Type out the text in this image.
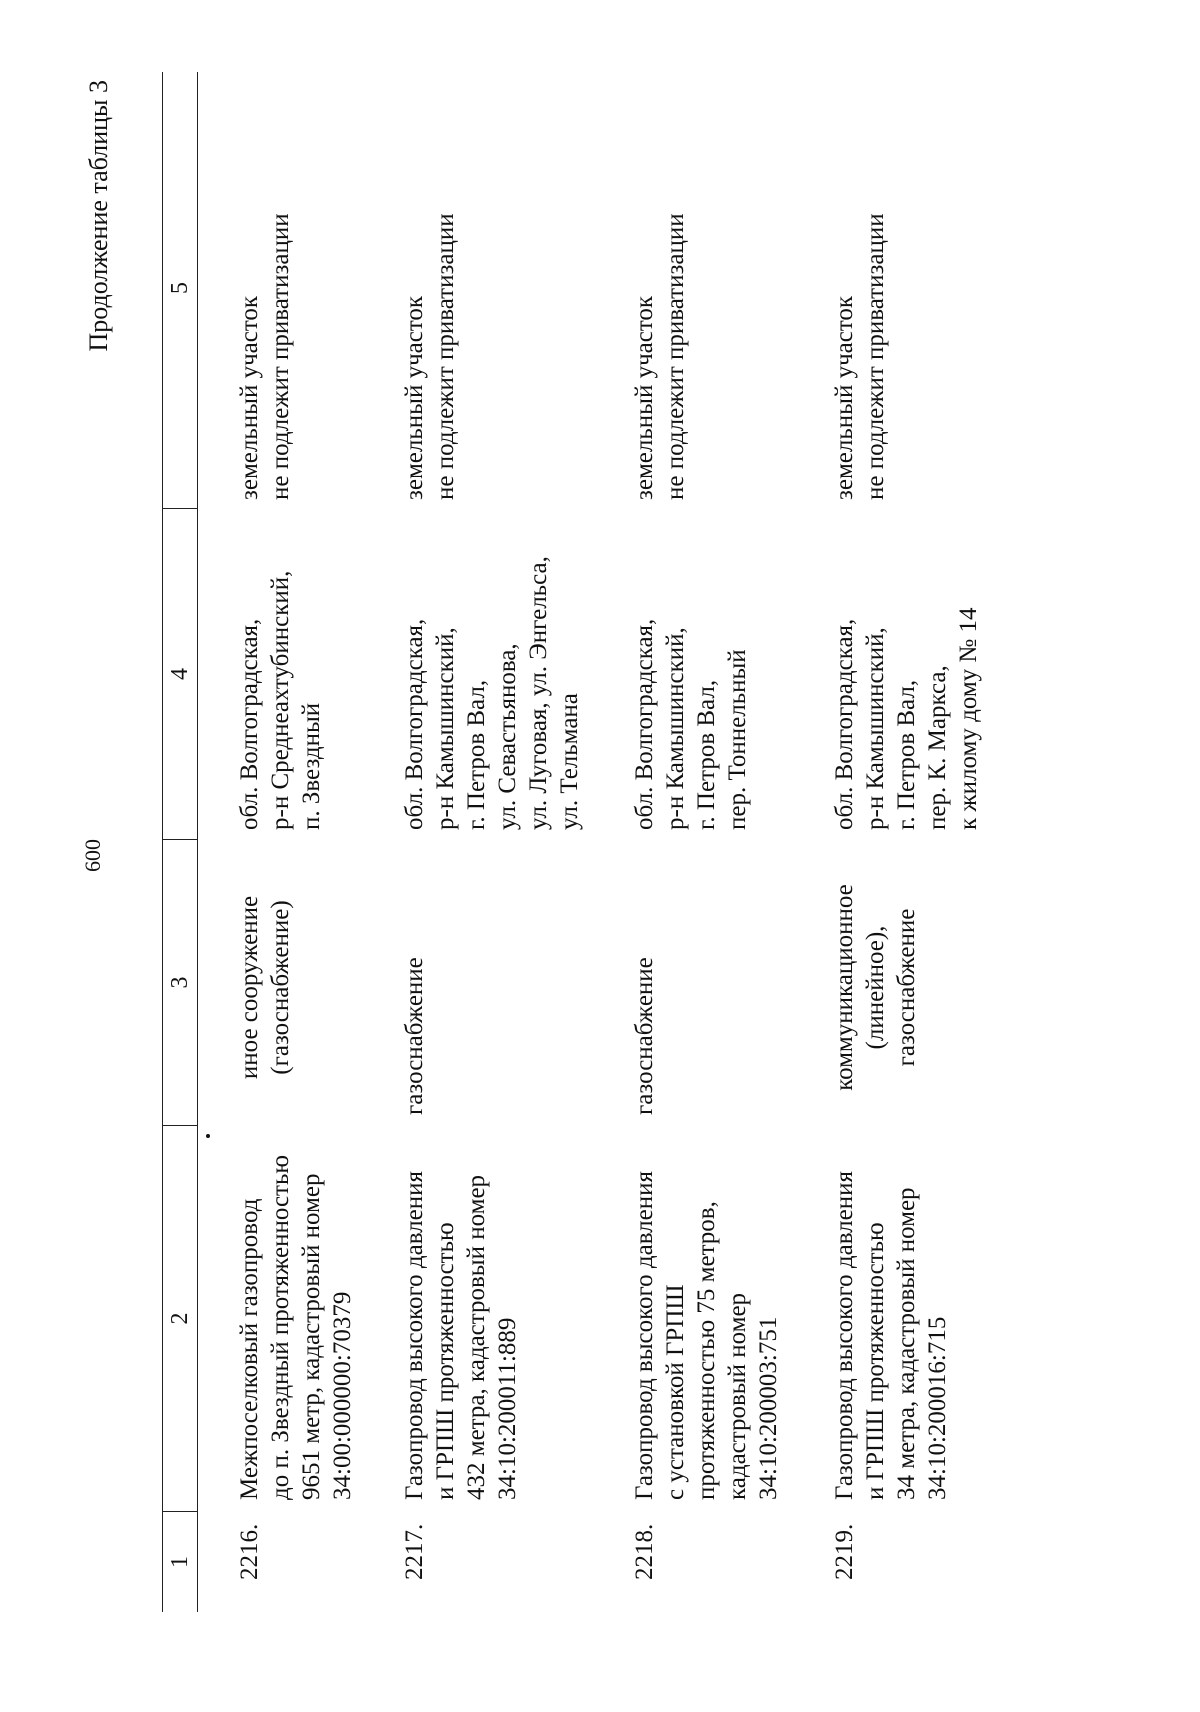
600
Продолжение таблицы 3
1
2
3
4
5
2216.
Межпоселковый газопровод до п. Звездный протяженностью 9651 метр, кадастровый номер 34:00:000000:70379
иное сооружение (газоснабжение)
обл. Волгоградская, р-н Среднеахтубинский, п. Звездный
земельный участок не подлежит приватизации
2217.
Газопровод высокого давления и ГРПШ протяженностью 432 метра, кадастровый номер 34:10:200011:889
газоснабжение
обл. Волгоградская, р-н Камышинский, г. Петров Вал, ул. Севастьянова, ул. Луговая, ул. Энгельса, ул. Тельмана
земельный участок не подлежит приватизации
2218.
Газопровод высокого давления с установкой ГРПШ протяженностью 75 метров, кадастровый номер 34:10:200003:751
газоснабжение
обл. Волгоградская, р-н Камышинский, г. Петров Вал, пер. Тоннельный
земельный участок не подлежит приватизации
2219.
Газопровод высокого давления и ГРПШ протяженностью 34 метра, кадастровый номер 34:10:200016:715
коммуникационное (линейное), газоснабжение
обл. Волгоградская, р-н Камышинский, г. Петров Вал, пер. К. Маркса, к жилому дому № 14
земельный участок не подлежит приватизации
